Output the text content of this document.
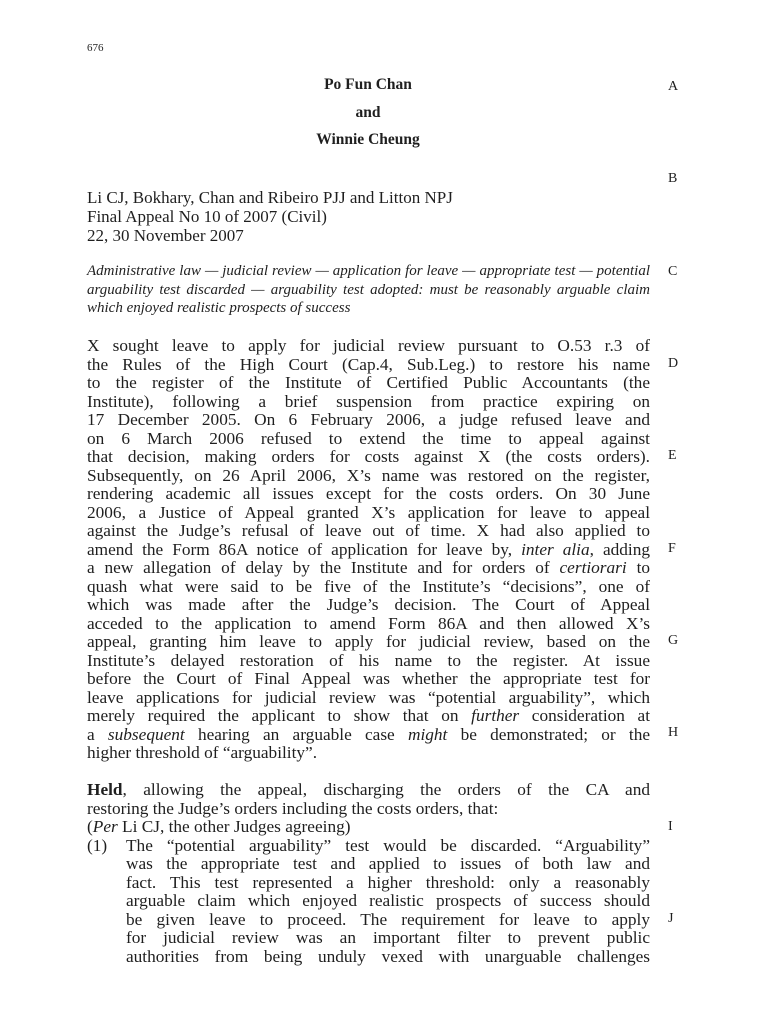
676
Po Fun Chan
and
Winnie Cheung
A
B
C
D
E
F
G
H
I
J
Li CJ, Bokhary, Chan and Ribeiro PJJ and Litton NPJ
Final Appeal No 10 of 2007 (Civil)
22, 30 November 2007
Administrative law — judicial review — application for leave — appropriate test — potential arguability test discarded — arguability test adopted: must be reasonably arguable claim which enjoyed realistic prospects of success
X sought leave to apply for judicial review pursuant to O.53 r.3 of
the Rules of the High Court (Cap.4, Sub.Leg.) to restore his name
to the register of the Institute of Certified Public Accountants (the
Institute), following a brief suspension from practice expiring on
17 December 2005. On 6 February 2006, a judge refused leave and
on 6 March 2006 refused to extend the time to appeal against
that decision, making orders for costs against X (the costs orders).
Subsequently, on 26 April 2006, X’s name was restored on the register,
rendering academic all issues except for the costs orders. On 30 June
2006, a Justice of Appeal granted X’s application for leave to appeal
against the Judge’s refusal of leave out of time. X had also applied to
amend the Form 86A notice of application for leave by, inter alia, adding
a new allegation of delay by the Institute and for orders of certiorari to
quash what were said to be five of the Institute’s “decisions”, one of
which was made after the Judge’s decision. The Court of Appeal
acceded to the application to amend Form 86A and then allowed X’s
appeal, granting him leave to apply for judicial review, based on the
Institute’s delayed restoration of his name to the register. At issue
before the Court of Final Appeal was whether the appropriate test for
leave applications for judicial review was “potential arguability”, which
merely required the applicant to show that on further consideration at
a subsequent hearing an arguable case might be demonstrated; or the
higher threshold of “arguability”.
Held, allowing the appeal, discharging the orders of the CA and
restoring the Judge’s orders including the costs orders, that:
(Per Li CJ, the other Judges agreeing)
(1) The “potential arguability” test would be discarded. “Arguability”
was the appropriate test and applied to issues of both law and
fact. This test represented a higher threshold: only a reasonably
arguable claim which enjoyed realistic prospects of success should
be given leave to proceed. The requirement for leave to apply
for judicial review was an important filter to prevent public
authorities from being unduly vexed with unarguable challenges
